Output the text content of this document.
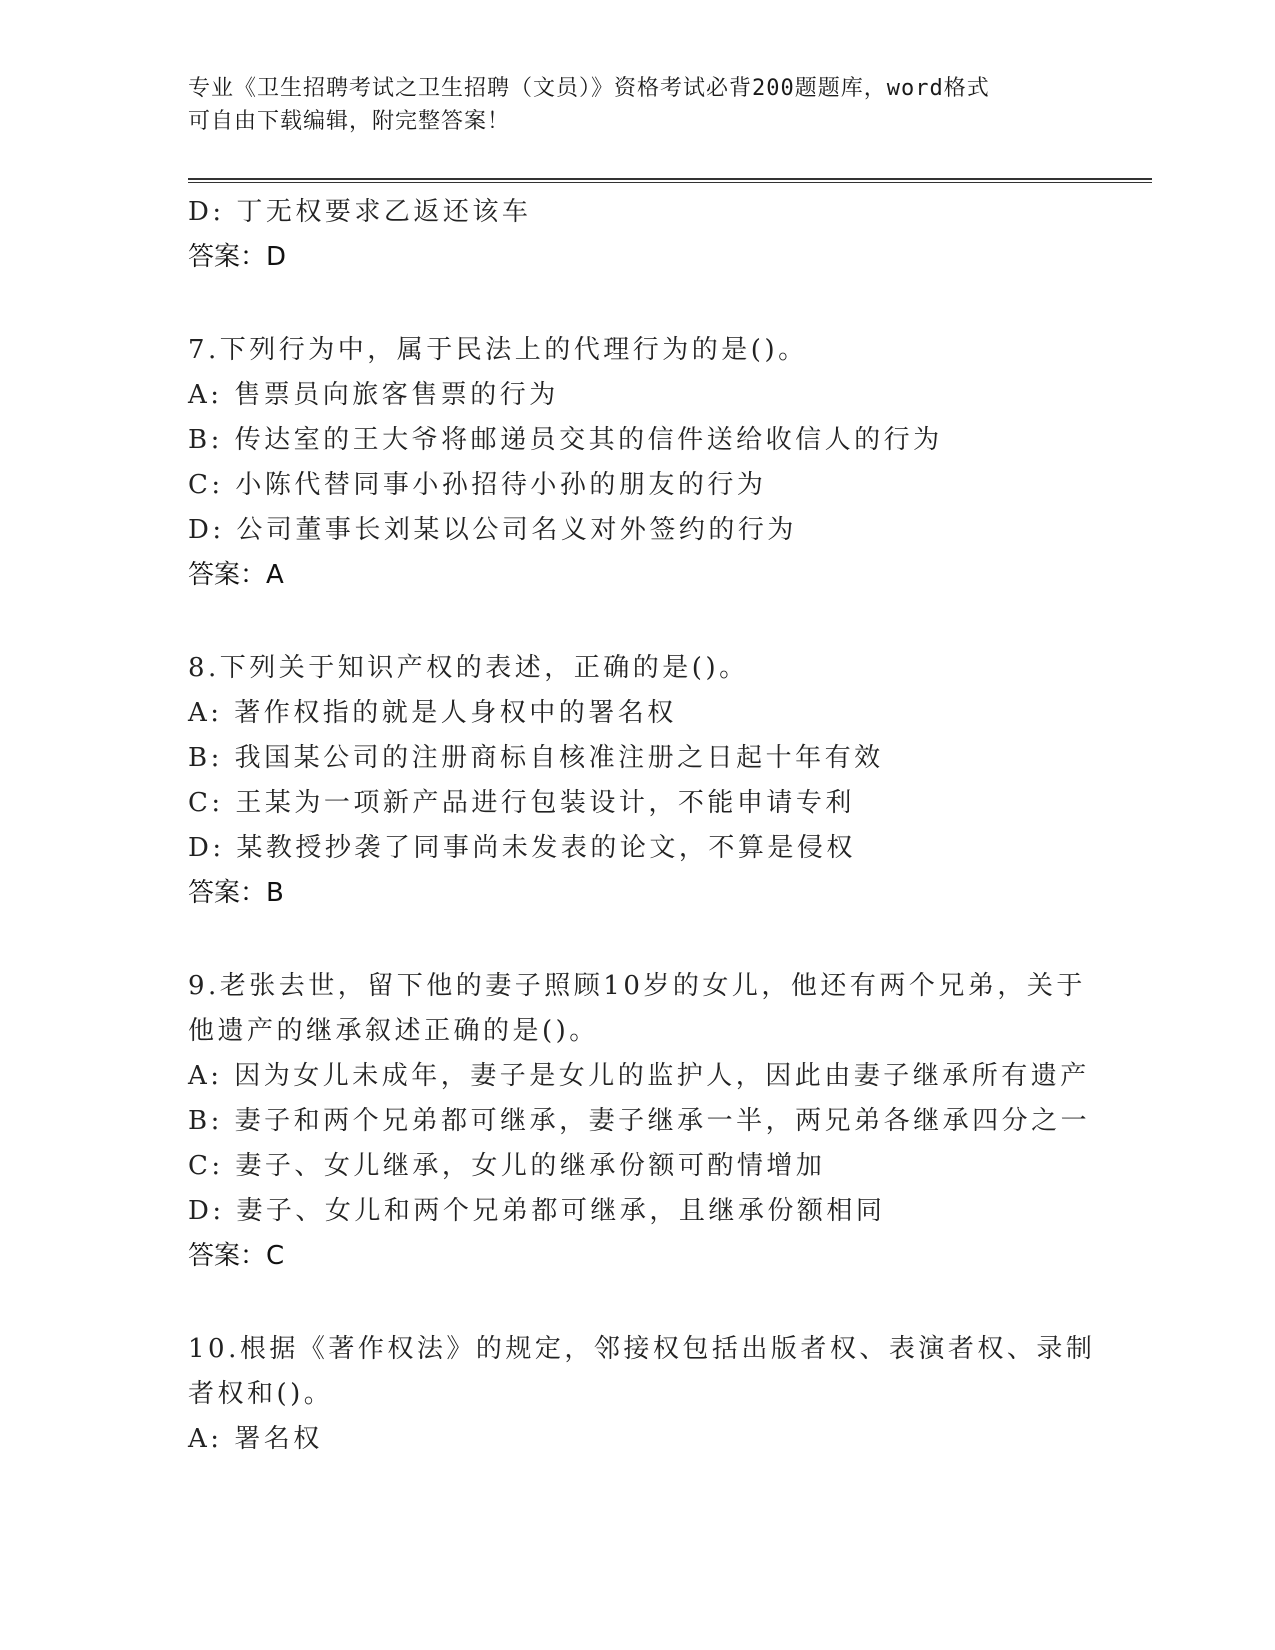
专业《卫生招聘考试之卫生招聘（文员）》资格考试必背200题题库，word格式
可自由下载编辑，附完整答案！
D: 丁无权要求乙返还该车
答案：D
7.下列行为中，属于民法上的代理行为的是()。
A: 售票员向旅客售票的行为
B: 传达室的王大爷将邮递员交其的信件送给收信人的行为
C: 小陈代替同事小孙招待小孙的朋友的行为
D: 公司董事长刘某以公司名义对外签约的行为
答案：A
8.下列关于知识产权的表述，正确的是()。
A: 著作权指的就是人身权中的署名权
B: 我国某公司的注册商标自核准注册之日起十年有效
C: 王某为一项新产品进行包装设计，不能申请专利
D: 某教授抄袭了同事尚未发表的论文，不算是侵权
答案：B
9.老张去世，留下他的妻子照顾10岁的女儿，他还有两个兄弟，关于
他遗产的继承叙述正确的是()。
A: 因为女儿未成年，妻子是女儿的监护人，因此由妻子继承所有遗产
B: 妻子和两个兄弟都可继承，妻子继承一半，两兄弟各继承四分之一
C: 妻子、女儿继承，女儿的继承份额可酌情增加
D: 妻子、女儿和两个兄弟都可继承，且继承份额相同
答案：C
10.根据《著作权法》的规定，邻接权包括出版者权、表演者权、录制
者权和()。
A: 署名权
